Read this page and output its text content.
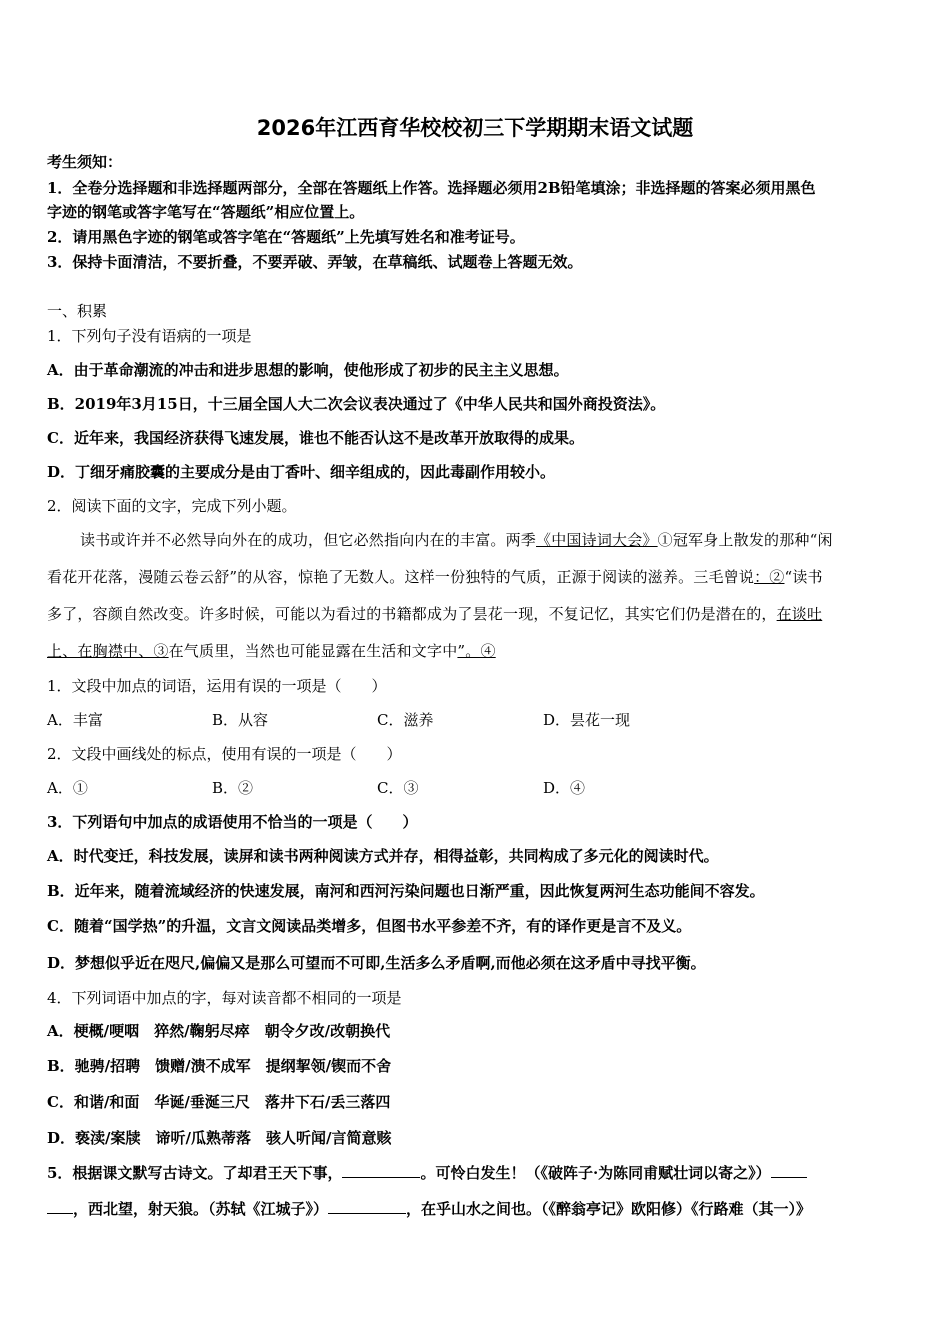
2026年江西育华校校初三下学期期末语文试题
考生须知：
1．全卷分选择题和非选择题两部分，全部在答题纸上作答。选择题必须用2B铅笔填涂；非选择题的答案必须用黑色
字迹的钢笔或答字笔写在“答题纸”相应位置上。
2．请用黑色字迹的钢笔或答字笔在“答题纸”上先填写姓名和准考证号。
3．保持卡面清洁，不要折叠，不要弄破、弄皱，在草稿纸、试题卷上答题无效。
一、积累
1．下列句子没有语病的一项是
A．由于革命潮流的冲击和进步思想的影响，使他形成了初步的民主主义思想。
B．2019年3月15日，十三届全国人大二次会议表决通过了《中华人民共和国外商投资法》。
C．近年来，我国经济获得飞速发展，谁也不能否认这不是改革开放取得的成果。
D．丁细牙痛胶囊的主要成分是由丁香叶、细辛组成的，因此毒副作用较小。
2．阅读下面的文字，完成下列小题。
读书或许并不必然导向外在的成功，但它必然指向内在的丰富。两季《中国诗词大会》①冠军身上散发的那种“闲
看花开花落，漫随云卷云舒”的从容，惊艳了无数人。这样一份独特的气质，正源于阅读的滋养。三毛曾说：②“读书
多了，容颜自然改变。许多时候，可能以为看过的书籍都成为了昙花一现，不复记忆，其实它们仍是潜在的，在谈吐
上、在胸襟中、③在气质里，当然也可能显露在生活和文字中”。④
1．文段中加点的词语，运用有误的一项是（　　）
A．丰富	B．从容	C．滋养	D．昙花一现
2．文段中画线处的标点，使用有误的一项是（　　）
A．①	B．②	C．③	D．④
3．下列语句中加点的成语使用不恰当的一项是（　　）
A．时代变迁，科技发展，读屏和读书两种阅读方式并存，相得益彰，共同构成了多元化的阅读时代。
B．近年来，随着流域经济的快速发展，南河和西河污染问题也日渐严重，因此恢复两河生态功能间不容发。
C．随着“国学热”的升温，文言文阅读品类增多，但图书水平参差不齐，有的译作更是言不及义。
D．梦想似乎近在咫尺,偏偏又是那么可望而不可即,生活多么矛盾啊,而他必须在这矛盾中寻找平衡。
4．下列词语中加点的字，每对读音都不相同的一项是
A．梗概/哽咽　猝然/鞠躬尽瘁　朝令夕改/改朝换代
B．驰骋/招聘　馈赠/溃不成军　提纲挈领/锲而不舍
C．和谐/和面　华诞/垂涎三尺　落井下石/丢三落四
D．亵渎/案牍　谛听/瓜熟蒂落　骇人听闻/言简意赅
5．根据课文默写古诗文。了却君王天下事，	。可怜白发生！（《破阵子·为陈同甫赋壮词以寄之》）
，西北望，射天狼。（苏轼《江城子》）	，在乎山水之间也。（《醉翁亭记》欧阳修）《行路难（其一）》
